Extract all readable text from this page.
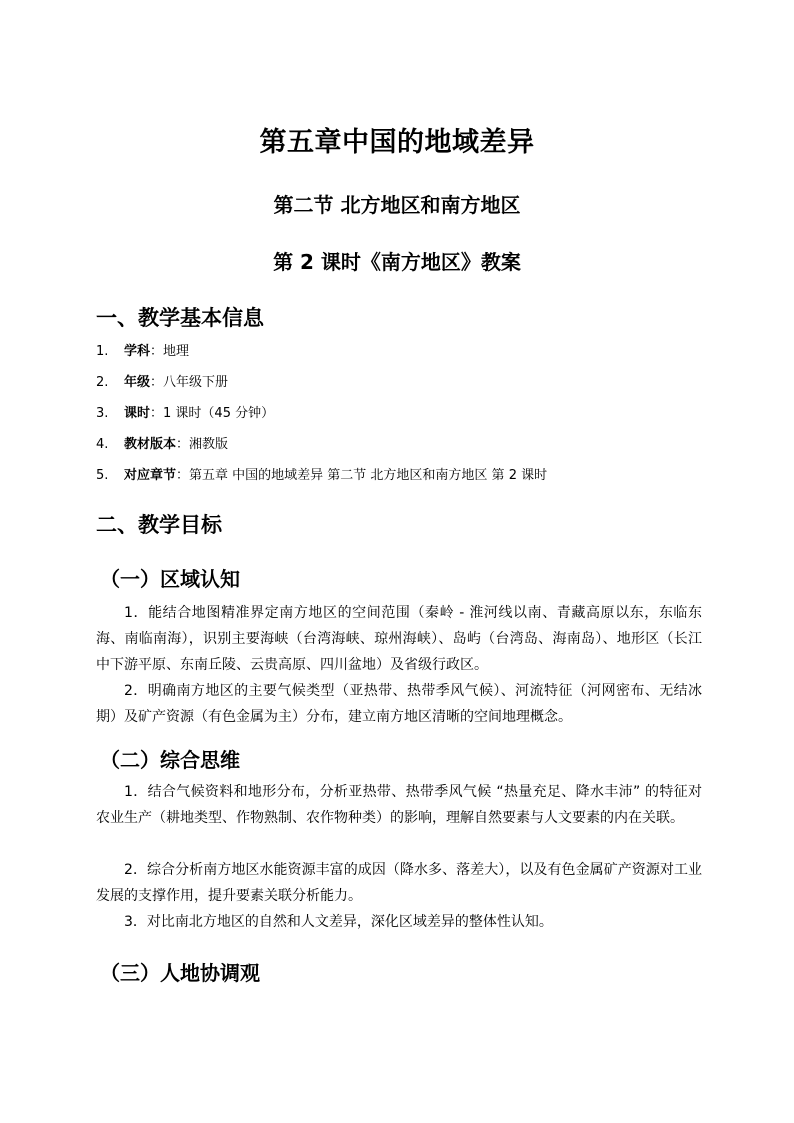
第五章中国的地域差异
第二节 北方地区和南方地区
第 2 课时《南方地区》教案
一、教学基本信息
1. 学科：地理
2. 年级：八年级下册
3. 课时：1 课时（45 分钟）
4. 教材版本：湘教版
5. 对应章节：第五章 中国的地域差异 第二节 北方地区和南方地区 第 2 课时
二、教学目标
（一）区域认知
1．能结合地图精准界定南方地区的空间范围（秦岭 - 淮河线以南、青藏高原以东，东临东海、南临南海），识别主要海峡（台湾海峡、琼州海峡）、岛屿（台湾岛、海南岛）、地形区（长江中下游平原、东南丘陵、云贵高原、四川盆地）及省级行政区。
2．明确南方地区的主要气候类型（亚热带、热带季风气候）、河流特征（河网密布、无结冰期）及矿产资源（有色金属为主）分布，建立南方地区清晰的空间地理概念。
（二）综合思维
1．结合气候资料和地形分布，分析亚热带、热带季风气候 “热量充足、降水丰沛” 的特征对农业生产（耕地类型、作物熟制、农作物种类）的影响，理解自然要素与人文要素的内在关联。
2．综合分析南方地区水能资源丰富的成因（降水多、落差大），以及有色金属矿产资源对工业发展的支撑作用，提升要素关联分析能力。
3．对比南北方地区的自然和人文差异，深化区域差异的整体性认知。
（三）人地协调观
